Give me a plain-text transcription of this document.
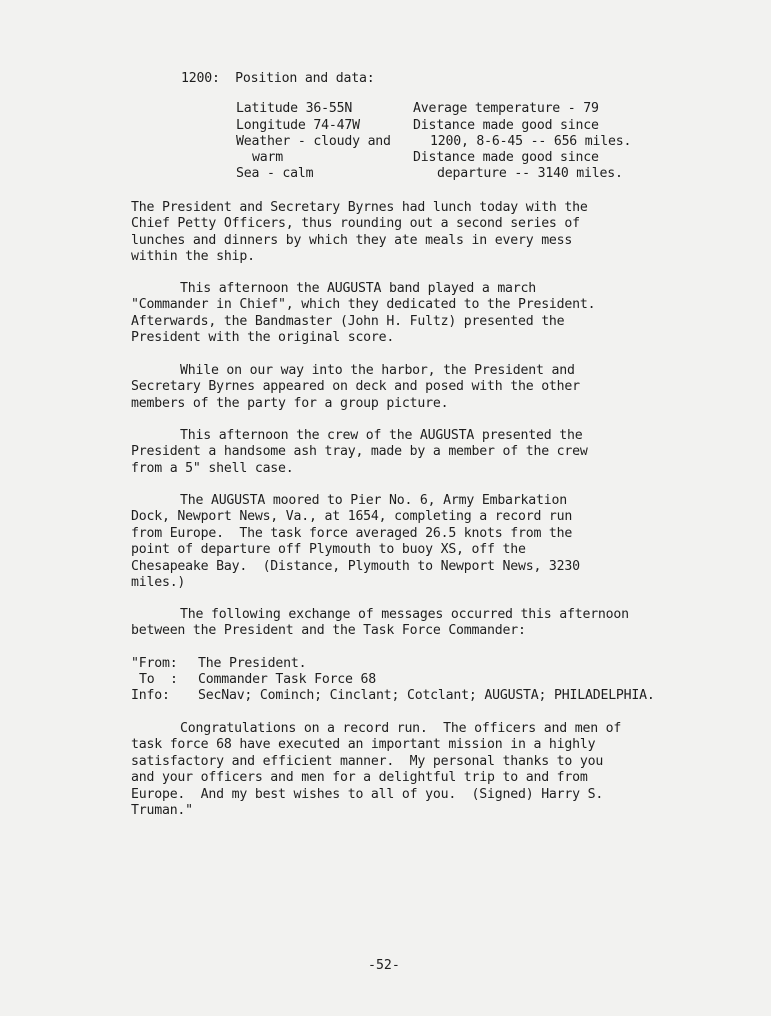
1200:  Position and data:
Latitude 36-55N
Longitude 74-47W
Weather - cloudy and
warm
Sea - calm
Average temperature - 79
Distance made good since
1200, 8-6-45 -- 656 miles.
Distance made good since
departure -- 3140 miles.
The President and Secretary Byrnes had lunch today with the Chief Petty Officers, thus rounding out a second series of lunches and dinners by which they ate meals in every mess within the ship.
This afternoon the AUGUSTA band played a march "Commander in Chief", which they dedicated to the President. Afterwards, the Bandmaster (John H. Fultz) presented the President with the original score.
While on our way into the harbor, the President and Secretary Byrnes appeared on deck and posed with the other members of the party for a group picture.
This afternoon the crew of the AUGUSTA presented the President a handsome ash tray, made by a member of the crew from a 5" shell case.
The AUGUSTA moored to Pier No. 6, Army Embarkation Dock, Newport News, Va., at 1654, completing a record run from Europe.  The task force averaged 26.5 knots from the point of departure off Plymouth to buoy XS, off the Chesapeake Bay.  (Distance, Plymouth to Newport News, 3230 miles.)
The following exchange of messages occurred this afternoon between the President and the Task Force Commander:
"From: The President.
To  : Commander Task Force 68
Info: SecNav; Cominch; Cinclant; Cotclant; AUGUSTA; PHILADELPHIA.
Congratulations on a record run.  The officers and men of task force 68 have executed an important mission in a highly satisfactory and efficient manner.  My personal thanks to you and your officers and men for a delightful trip to and from Europe.  And my best wishes to all of you.  (Signed) Harry S. Truman."
-52-
